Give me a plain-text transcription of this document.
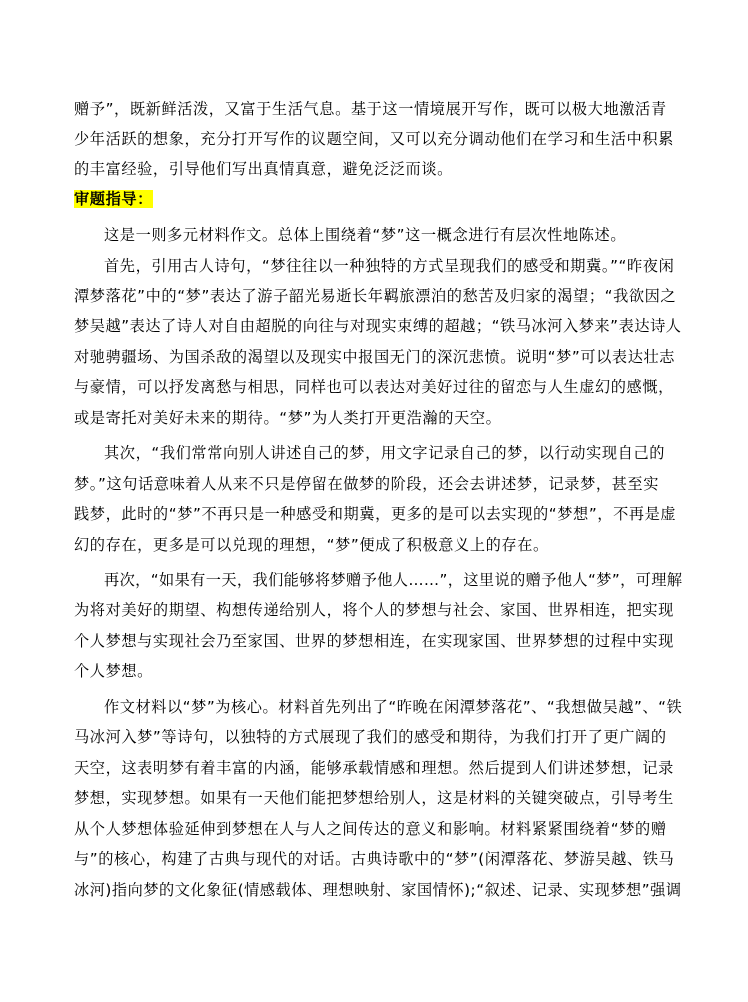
赠予”，既新鲜活泼，又富于生活气息。基于这一情境展开写作，既可以极大地激活青
少年活跃的想象，充分打开写作的议题空间，又可以充分调动他们在学习和生活中积累
的丰富经验，引导他们写出真情真意，避免泛泛而谈。
审题指导：
这是一则多元材料作文。总体上围绕着“梦”这一概念进行有层次性地陈述。
首先，引用古人诗句，“梦往往以一种独特的方式呈现我们的感受和期冀。”“昨夜闲
潭梦落花”中的“梦”表达了游子韶光易逝长年羁旅漂泊的愁苦及归家的渴望；“我欲因之
梦吴越”表达了诗人对自由超脱的向往与对现实束缚的超越；“铁马冰河入梦来”表达诗人
对驰骋疆场、为国杀敌的渴望以及现实中报国无门的深沉悲愤。说明“梦”可以表达壮志
与豪情，可以抒发离愁与相思，同样也可以表达对美好过往的留恋与人生虚幻的感慨，
或是寄托对美好未来的期待。“梦”为人类打开更浩瀚的天空。
其次，“我们常常向别人讲述自己的梦，用文字记录自己的梦，以行动实现自己的
梦。”这句话意味着人从来不只是停留在做梦的阶段，还会去讲述梦，记录梦，甚至实
践梦，此时的“梦”不再只是一种感受和期冀，更多的是可以去实现的“梦想”，不再是虚
幻的存在，更多是可以兑现的理想，“梦”便成了积极意义上的存在。
再次，“如果有一天，我们能够将梦赠予他人……”，这里说的赠予他人“梦”，可理解
为将对美好的期望、构想传递给别人，将个人的梦想与社会、家国、世界相连，把实现
个人梦想与实现社会乃至家国、世界的梦想相连，在实现家国、世界梦想的过程中实现
个人梦想。
作文材料以“梦”为核心。材料首先列出了“昨晚在闲潭梦落花”、“我想做吴越”、“铁
马冰河入梦”等诗句，以独特的方式展现了我们的感受和期待，为我们打开了更广阔的
天空，这表明梦有着丰富的内涵，能够承载情感和理想。然后提到人们讲述梦想，记录
梦想，实现梦想。如果有一天他们能把梦想给别人，这是材料的关键突破点，引导考生
从个人梦想体验延伸到梦想在人与人之间传达的意义和影响。材料紧紧围绕着“梦的赠
与”的核心，构建了古典与现代的对话。古典诗歌中的“梦”(闲潭落花、梦游吴越、铁马
冰河)指向梦的文化象征(情感载体、理想映射、家国情怀);“叙述、记录、实现梦想”强调
